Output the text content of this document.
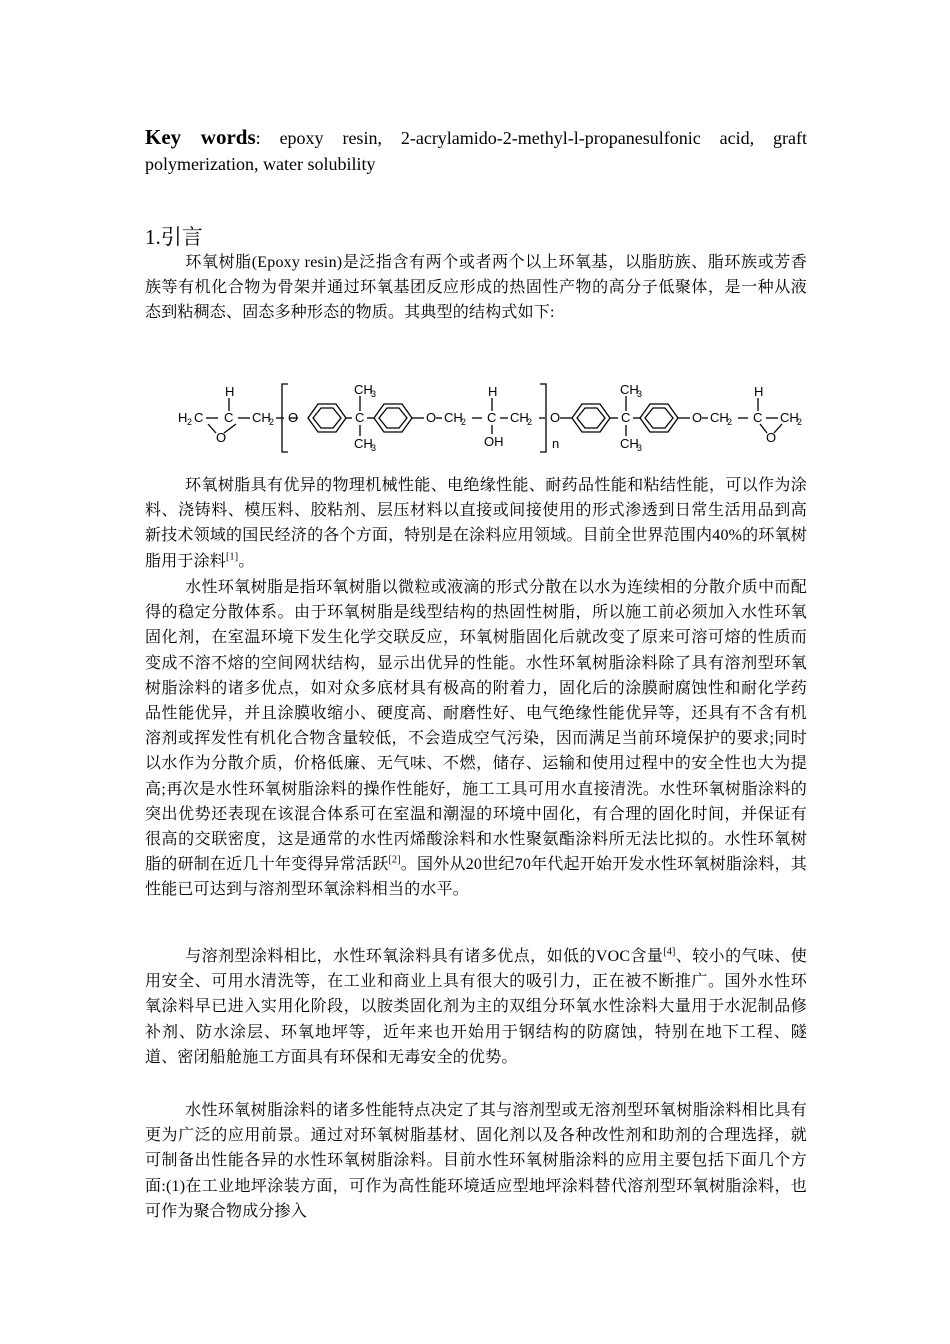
Key words: epoxy resin, 2-acrylamido-2-methyl-l-propanesulfonic acid, graft polymerization, water solubility
1.引言
环氧树脂(Epoxy resin)是泛指含有两个或者两个以上环氧基，以脂肪族、脂环族或芳香族等有机化合物为骨架并通过环氧基团反应形成的热固性产物的高分子低聚体，是一种从液态到粘稠态、固态多种形态的物质。其典型的结构式如下:
H 2 C
H
C
O
CH
2 O
CH
3
C
CH
3
O CH
2
H
C
OH
CH
2
n
O
CH
3
C
CH
3
O CH
2
H
C CH
2
O
环氧树脂具有优异的物理机械性能、电绝缘性能、耐药品性能和粘结性能，可以作为涂料、浇铸料、模压料、胶粘剂、层压材料以直接或间接使用的形式渗透到日常生活用品到高新技术领域的国民经济的各个方面，特别是在涂料应用领域。目前全世界范围内40%的环氧树脂用于涂料[1]。
水性环氧树脂是指环氧树脂以微粒或液滴的形式分散在以水为连续相的分散介质中而配得的稳定分散体系。由于环氧树脂是线型结构的热固性树脂，所以施工前必须加入水性环氧固化剂，在室温环境下发生化学交联反应，环氧树脂固化后就改变了原来可溶可熔的性质而变成不溶不熔的空间网状结构，显示出优异的性能。水性环氧树脂涂料除了具有溶剂型环氧树脂涂料的诸多优点，如对众多底材具有极高的附着力，固化后的涂膜耐腐蚀性和耐化学药品性能优异，并且涂膜收缩小、硬度高、耐磨性好、电气绝缘性能优异等，还具有不含有机溶剂或挥发性有机化合物含量较低，不会造成空气污染，因而满足当前环境保护的要求;同时以水作为分散介质，价格低廉、无气味、不燃，储存、运输和使用过程中的安全性也大为提高;再次是水性环氧树脂涂料的操作性能好，施工工具可用水直接清洗。水性环氧树脂涂料的突出优势还表现在该混合体系可在室温和潮湿的环境中固化，有合理的固化时间，并保证有很高的交联密度，这是通常的水性丙烯酸涂料和水性聚氨酯涂料所无法比拟的。水性环氧树脂的研制在近几十年变得异常活跃[2]。国外从20世纪70年代起开始开发水性环氧树脂涂料，其性能已可达到与溶剂型环氧涂料相当的水平。
与溶剂型涂料相比，水性环氧涂料具有诸多优点，如低的VOC含量[4]、较小的气味、使用安全、可用水清洗等，在工业和商业上具有很大的吸引力，正在被不断推广。国外水性环氧涂料早已进入实用化阶段，以胺类固化剂为主的双组分环氧水性涂料大量用于水泥制品修补剂、防水涂层、环氧地坪等，近年来也开始用于钢结构的防腐蚀，特别在地下工程、隧道、密闭船舱施工方面具有环保和无毒安全的优势。
水性环氧树脂涂料的诸多性能特点决定了其与溶剂型或无溶剂型环氧树脂涂料相比具有更为广泛的应用前景。通过对环氧树脂基材、固化剂以及各种改性剂和助剂的合理选择，就可制备出性能各异的水性环氧树脂涂料。目前水性环氧树脂涂料的应用主要包括下面几个方面:(1)在工业地坪涂装方面，可作为高性能环境适应型地坪涂料替代溶剂型环氧树脂涂料，也可作为聚合物成分掺入
